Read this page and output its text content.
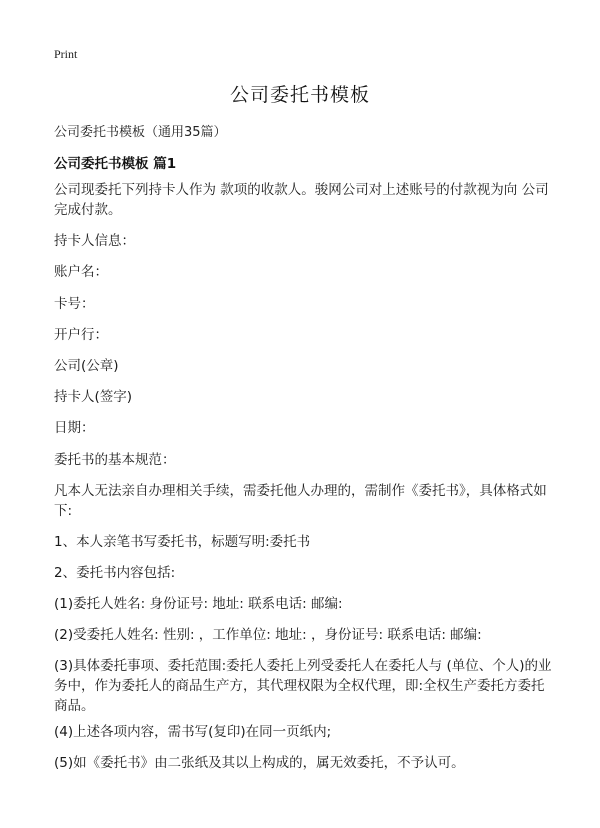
Print
公司委托书模板
公司委托书模板（通用35篇）
公司委托书模板 篇1

公司现委托下列持卡人作为 款项的收款人。骏网公司对上述账号的付款视为向 公司完成付款。

持卡人信息：

账户名：

卡号：

开户行：

公司(公章)

持卡人(签字)

日期：

委托书的基本规范：

凡本人无法亲自办理相关手续，需委托他人办理的，需制作《委托书》，具体格式如下:

1、本人亲笔书写委托书，标题写明:委托书

2、委托书内容包括:

(1)委托人姓名: 身份证号: 地址: 联系电话: 邮编:

(2)受委托人姓名: 性别: ，工作单位: 地址: ，身份证号: 联系电话: 邮编:

(3)具体委托事项、委托范围:委托人委托上列受委托人在委托人与 (单位、个人)的业务中，作为委托人的商品生产方，其代理权限为全权代理，即:全权生产委托方委托商品。

(4)上述各项内容，需书写(复印)在同一页纸内;

(5)如《委托书》由二张纸及其以上构成的，属无效委托，不予认可。
